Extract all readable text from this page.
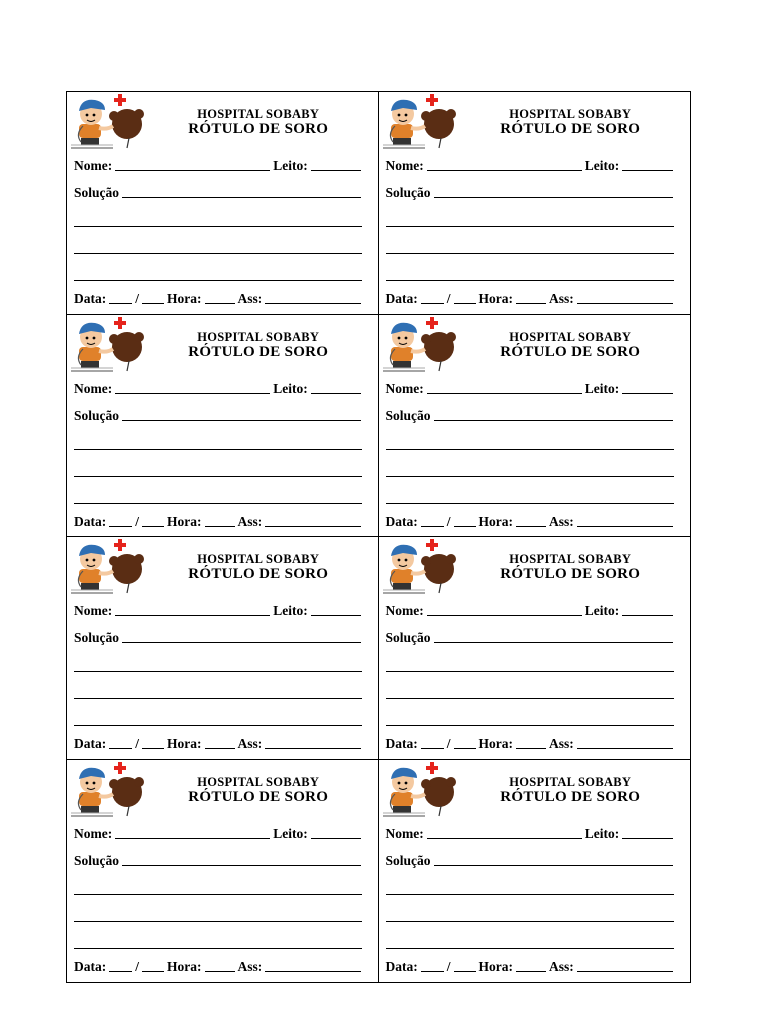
HOSPITAL SOBABY
RÓTULO DE SORO
Nome:	Leito:
Solução
Data: / Hora:	Ass:
HOSPITAL SOBABY
RÓTULO DE SORO
Nome:	Leito:
Solução
Data: / Hora:	Ass:
HOSPITAL SOBABY
RÓTULO DE SORO
Nome:	Leito:
Solução
Data: / Hora:	Ass:
HOSPITAL SOBABY
RÓTULO DE SORO
Nome:	Leito:
Solução
Data: / Hora:	Ass:
HOSPITAL SOBABY
RÓTULO DE SORO
Nome:	Leito:
Solução
Data: / Hora:	Ass:
HOSPITAL SOBABY
RÓTULO DE SORO
Nome:	Leito:
Solução
Data: / Hora:	Ass:
HOSPITAL SOBABY
RÓTULO DE SORO
Nome:	Leito:
Solução
Data: / Hora:	Ass:
HOSPITAL SOBABY
RÓTULO DE SORO
Nome:	Leito:
Solução
Data: / Hora:	Ass:
